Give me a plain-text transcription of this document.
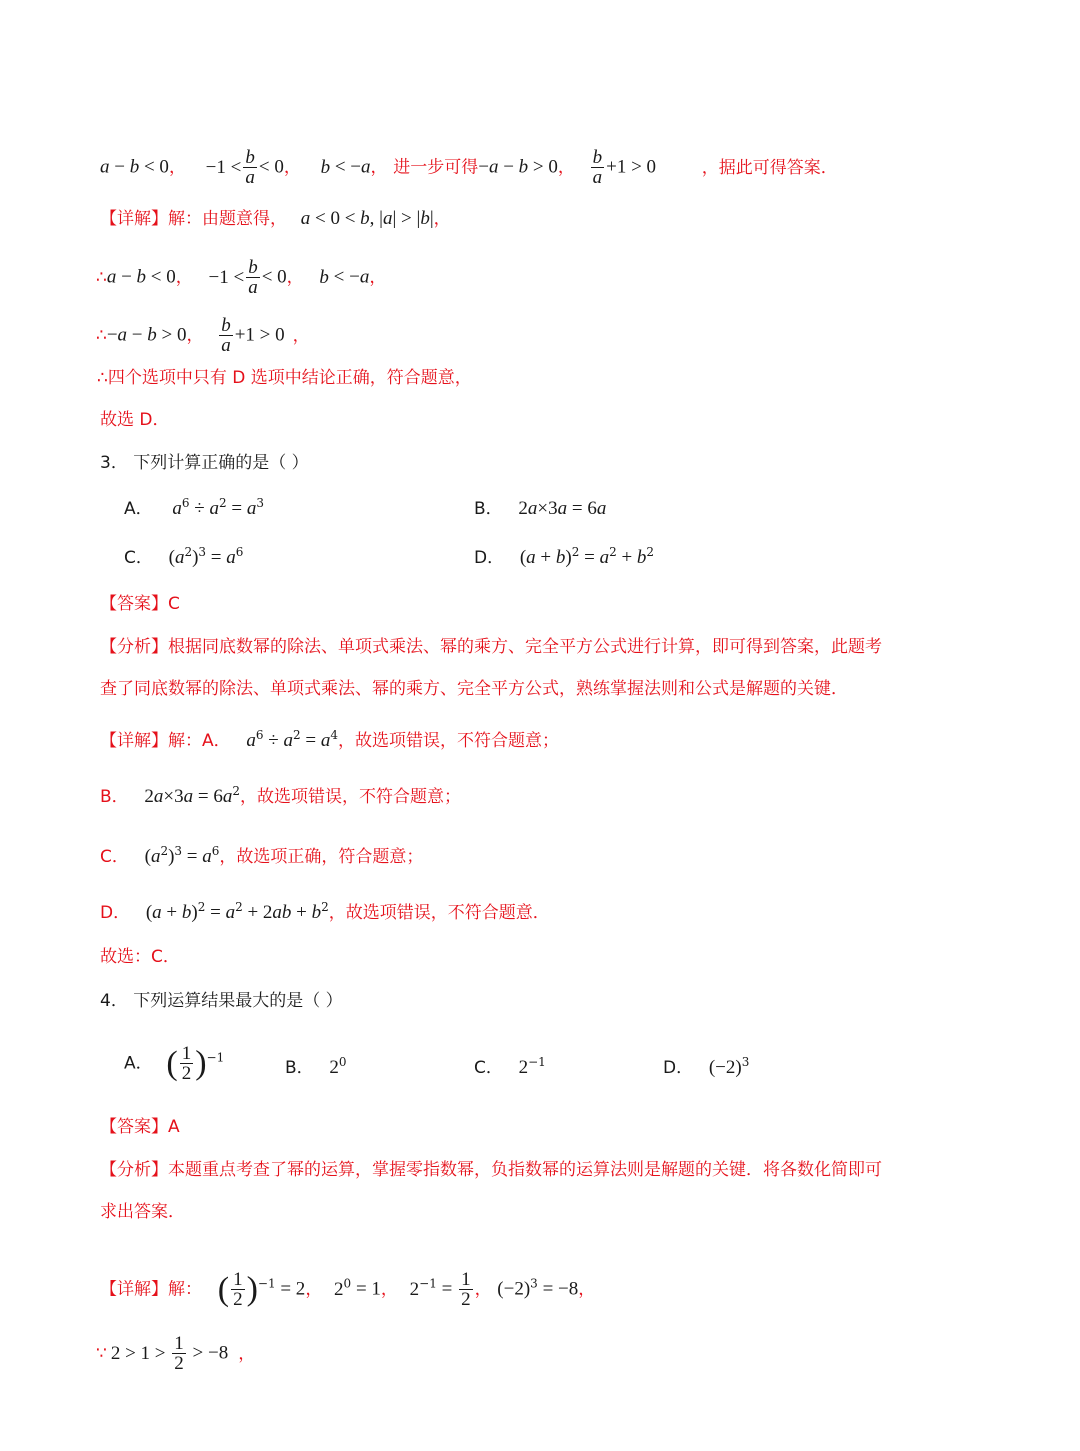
a − b < 0， $-1 < \frac{b}{a} < 0$， b < −a， 进一步可得−a − b > 0， $\frac{b}{a} +1 > 0$	，据此可得答案．
【详解】解：由题意得， a < 0 < b, |a| > |b|，
∴a − b < 0， $-1 < \frac{b}{a} < 0$， b < −a，
∴−a − b > 0， $\frac{b}{a} +1 > 0$ ，
∴四个选项中只有 D 选项中结论正确，符合题意，
故选 D．
3． 下列计算正确的是（ ）
A． $a^6 \div a^2 = a^3$	B． 2a×3a = 6a
C． $(a^2)^3 = a^6$	D． $(a + b)^2 = a^2 + b^2$
【答案】C
【分析】根据同底数幂的除法、单项式乘法、幂的乘方、完全平方公式进行计算，即可得到答案，此题考
查了同底数幂的除法、单项式乘法、幂的乘方、完全平方公式，熟练掌握法则和公式是解题的关键．
【详解】解：A． $a^6 \div a^2 = a^4$，故选项错误，不符合题意；
B． $2a\times 3a = 6a^2$，故选项错误，不符合题意；
C． $(a^2)^3 = a^6$，故选项正确，符合题意；
D． $(a + b)^2 = a^2 + 2ab + b^2$，故选项错误，不符合题意．
故选：C．
4． 下列运算结果最大的是（ ）
A． ( $\frac{1}{2} )^{-1}$
B． $2^0$	C． $2^{-1}$	D． $(-2)^3$
【答案】A
【分析】本题重点考查了幂的运算，掌握零指数幂，负指数幂的运算法则是解题的关键．将各数化简即可
求出答案．
【详解】解： ( $\frac{1}{2} )^{-1} = 2$， $2^0 = 1$， $2^{-1} = \frac{1}{2}$ ， $(-2)^3 = -8$，
∵ $2 > 1 > \frac{1}{2} > -8$ ，
